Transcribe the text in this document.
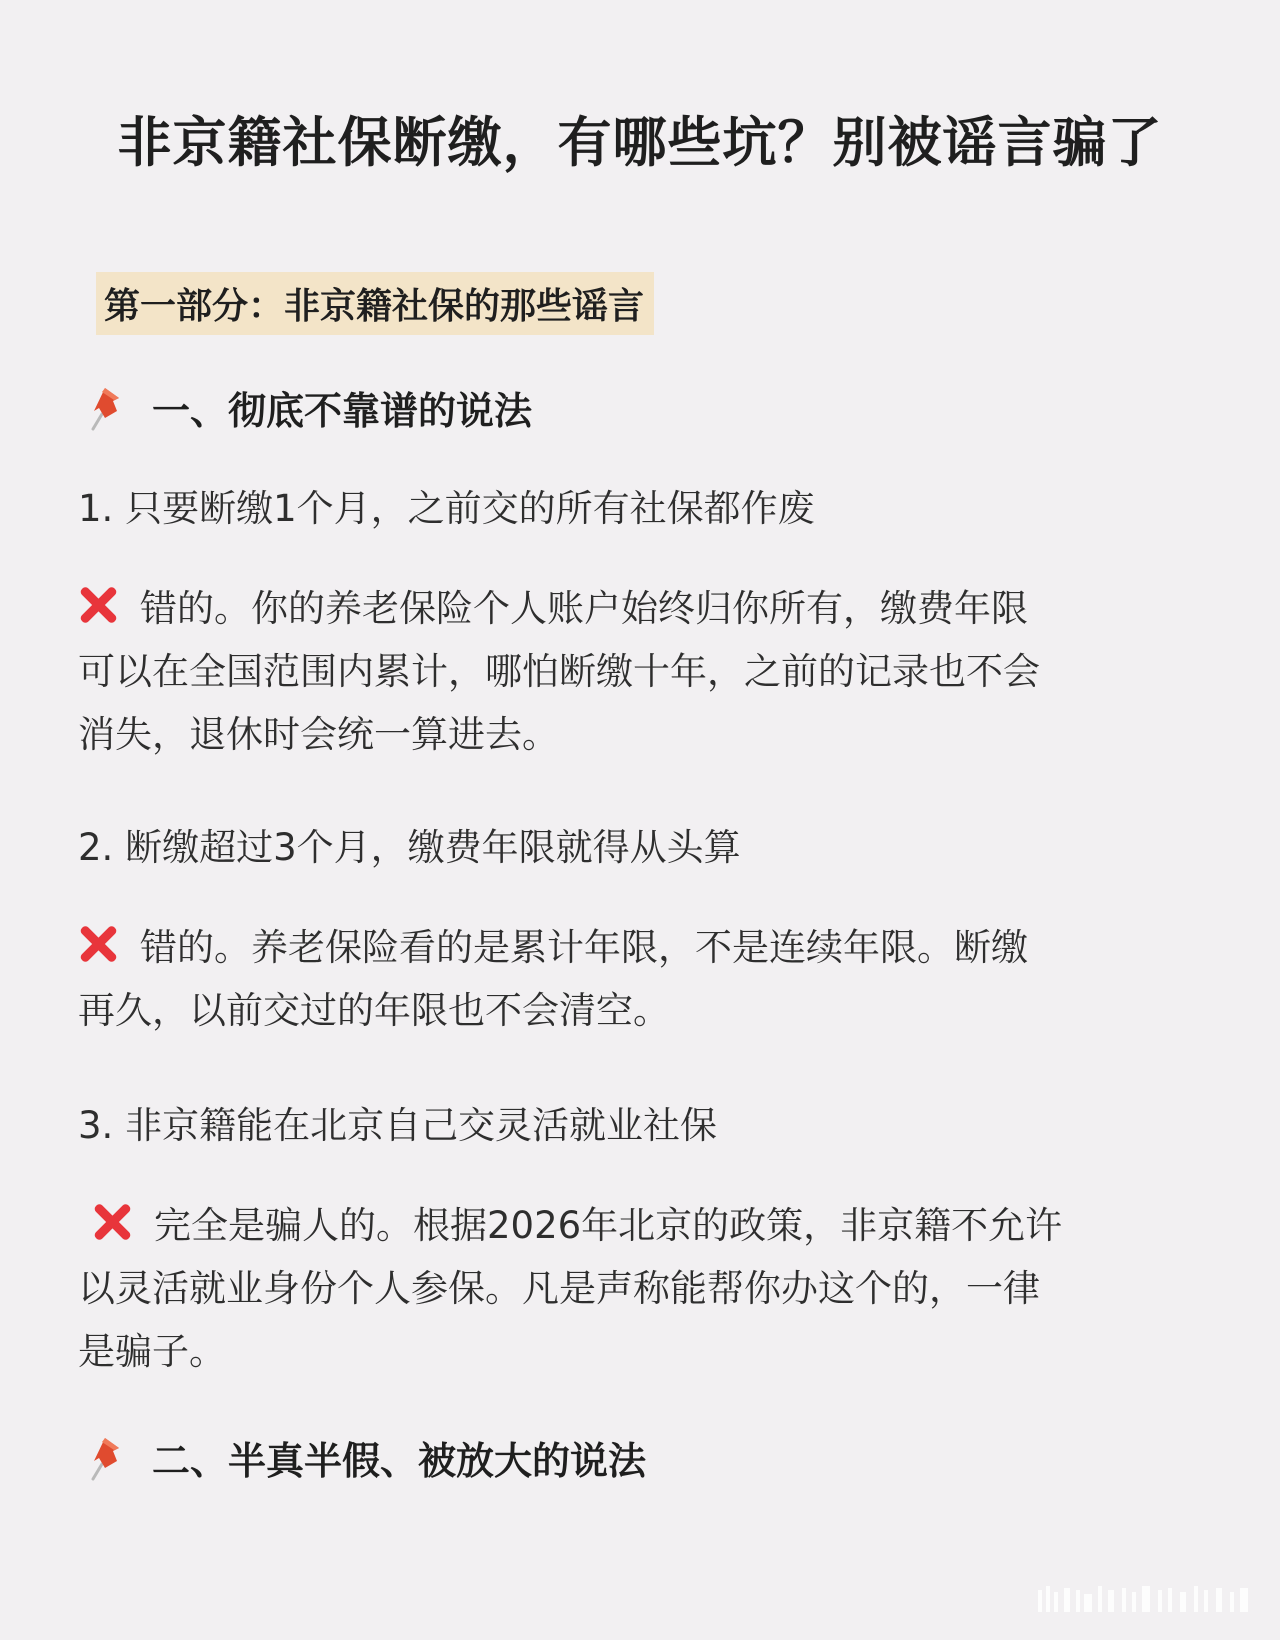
非京籍社保断缴，有哪些坑？别被谣言骗了
第一部分：非京籍社保的那些谣言
一、彻底不靠谱的说法
1. 只要断缴1个月，之前交的所有社保都作废
错的。你的养老保险个人账户始终归你所有，缴费年限
可以在全国范围内累计，哪怕断缴十年，之前的记录也不会
消失，退休时会统一算进去。
2. 断缴超过3个月，缴费年限就得从头算
错的。养老保险看的是累计年限，不是连续年限。断缴
再久，以前交过的年限也不会清空。
3. 非京籍能在北京自己交灵活就业社保
完全是骗人的。根据2026年北京的政策，非京籍不允许
以灵活就业身份个人参保。凡是声称能帮你办这个的，一律
是骗子。
二、半真半假、被放大的说法
